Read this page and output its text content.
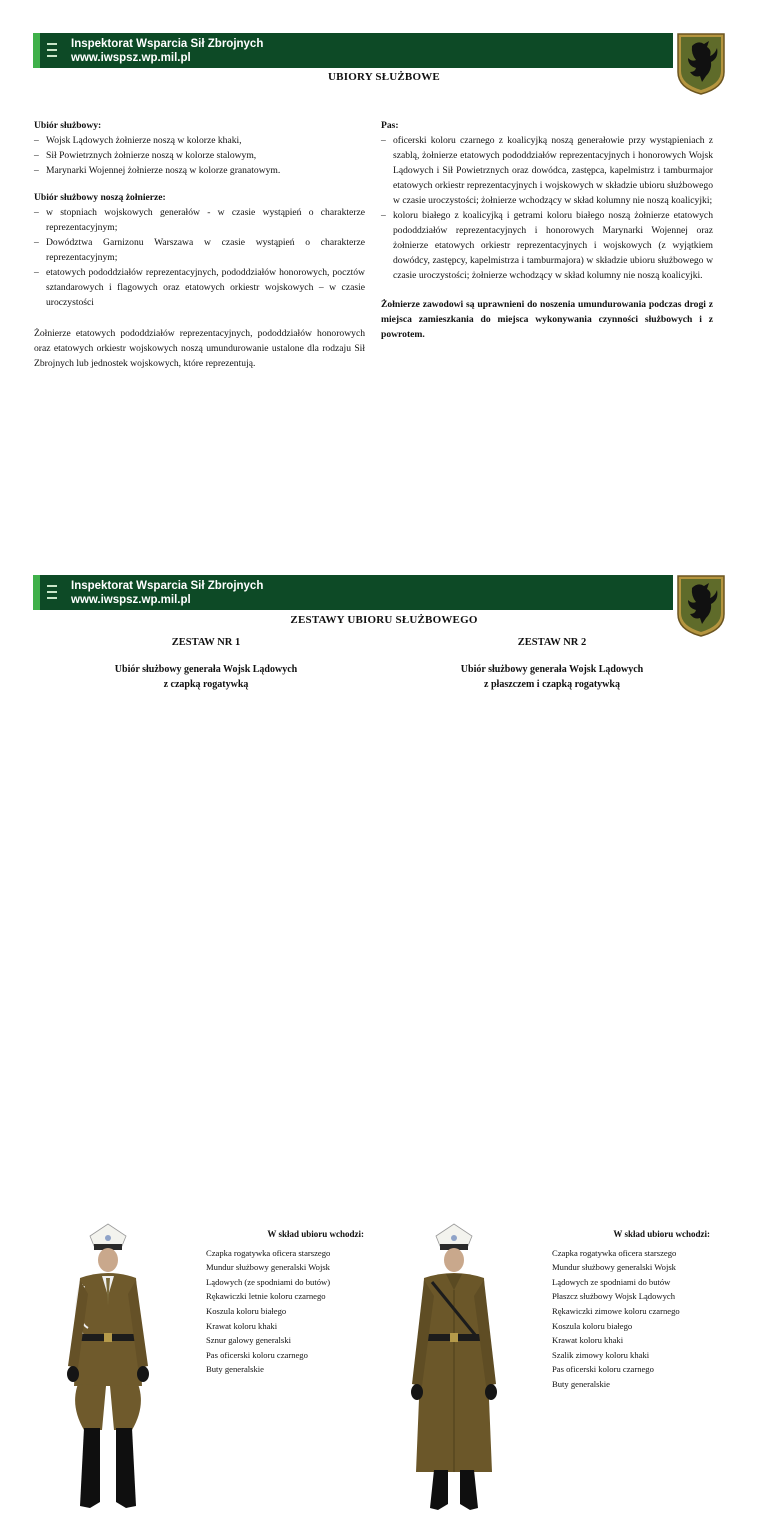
Inspektorat Wsparcia Sił Zbrojnych
www.iwspsz.wp.mil.pl
UBIORY SŁUŻBOWE
Ubiór służbowy:
– Wojsk Lądowych żołnierze noszą w kolorze khaki,
– Sił Powietrznych żołnierze noszą w kolorze stalowym,
– Marynarki Wojennej żołnierze noszą w kolorze granatowym.
Ubiór służbowy noszą żołnierze:
– w stopniach wojskowych generałów - w czasie wystąpień o charakterze reprezentacyjnym;
– Dowództwa Garnizonu Warszawa w czasie wystąpień o charakterze reprezentacyjnym;
– etatowych pododdziałów reprezentacyjnych, pododdziałów honorowych, pocztów sztandarowych i flagowych oraz etatowych orkiestr wojskowych – w czasie uroczystości

Żołnierze etatowych pododdziałów reprezentacyjnych, pododdziałów honorowych oraz etatowych orkiestr wojskowych noszą umundurowanie ustalone dla rodzaju Sił Zbrojnych lub jednostek wojskowych, które reprezentują.

Pas:
– oficerski koloru czarnego z koalicyjką noszą generałowie przy wystąpieniach z szablą, żołnierze etatowych pododdziałów reprezentacyjnych i honorowych Wojsk Lądowych i Sił Powietrznych oraz dowódca, zastępca, kapelmistrz i tamburmajor etatowych orkiestr reprezentacyjnych i wojskowych w składzie ubioru służbowego w czasie uroczystości; żołnierze wchodzący w skład kolumny nie noszą koalicyjki;
– koloru białego z koalicyjką i getrami koloru białego noszą żołnierze etatowych pododdziałów reprezentacyjnych i honorowych Marynarki Wojennej oraz żołnierze etatowych orkiestr reprezentacyjnych i wojskowych (z wyjątkiem dowódcy, zastępcy, kapelmistrza i tamburmajora) w składzie ubioru służbowego w czasie uroczystości; żołnierze wchodzący w skład kolumny nie noszą koalicyjki.

Żołnierze zawodowi są uprawnieni do noszenia umundurowania podczas drogi z miejsca zamieszkania do miejsca wykonywania czynności służbowych i z powrotem.

Inspektorat Wsparcia Sił Zbrojnych
www.iwspsz.wp.mil.pl
ZESTAWY UBIORU SŁUŻBOWEGO
ZESTAW NR 1
Ubiór służbowy generała Wojsk Lądowych
z czapką rogatywką
W skład ubioru wchodzi:
Czapka rogatywka oficera starszego
Mundur służbowy generalski Wojsk
Lądowych (ze spodniami do butów)
Rękawiczki letnie koloru czarnego
Koszula koloru białego
Krawat koloru khaki
Sznur galowy generalski
Pas oficerski koloru czarnego
Buty generalskie
ZESTAW NR 2
Ubiór służbowy generała Wojsk Lądowych
z płaszczem i czapką rogatywką
W skład ubioru wchodzi:
Czapka rogatywka oficera starszego
Mundur służbowy generalski Wojsk
Lądowych ze spodniami do butów
Płaszcz służbowy Wojsk Lądowych
Rękawiczki zimowe koloru czarnego
Koszula koloru białego
Krawat koloru khaki
Szalik zimowy koloru khaki
Pas oficerski koloru czarnego
Buty generalskie
